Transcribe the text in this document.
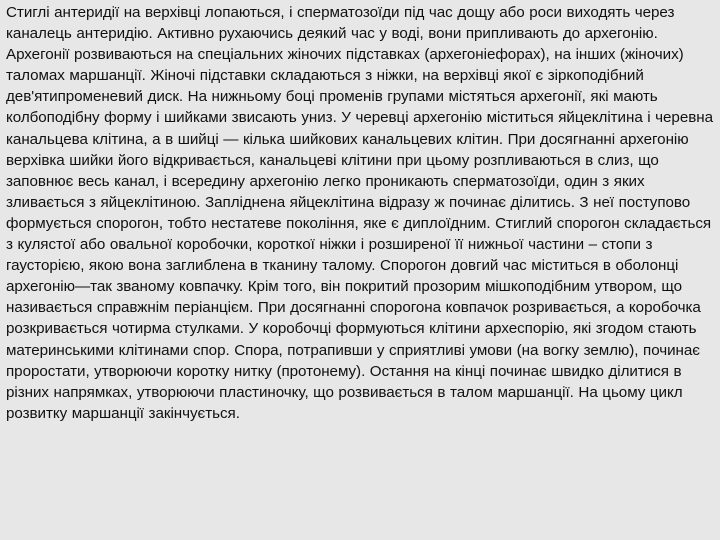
Стиглі антеридії на верхівці лопаються, і сперматозоїди під час дощу або роси виходять через каналець антеридію. Активно рухаючись деякий час у воді, вони припливають до архегонію.

Архегонії розвиваються на спеціальних жіночих підставках (архегоніефорах), на інших (жіночих) таломах маршанції. Жіночі підставки складаються з ніжки, на верхівці якої є зіркоподібний дев'ятипроменевий диск. На нижньому боці променів групами містяться архегонії, які мають колбоподібну форму і шийками звисають униз. У черевці архегонію міститься яйцеклітина і черевна канальцева клітина, а в шийці — кілька шийкових канальцевих клітин. При досягнанні архегонію верхівка шийки його відкривається, канальцеві клітини при цьому розпливаються в слиз, що заповнює весь канал, і всередину архегонію легко проникають сперматозоїди, один з яких зливається з яйцеклітиною. Запліднена яйцеклітина відразу ж починає ділитись. З неї поступово формується спорогон, тобто нестатеве покоління, яке є диплоїдним. Стиглий спорогон складається з кулястої або овальної коробочки, короткої ніжки і розширеної її нижньої частини – стопи з гаусторією, якою вона заглиблена в тканину таломy. Спорогон довгий час міститься в оболонці архегонію—так званому ковпачку. Крім того, він покритий прозорим мішкоподібним утвором, що називається справжнім періанцієм. При досягнанні спорогона ковпачок розривається, а коробочка розкривається чотирма стулками. У коробочці формуються клітини археспорію, які згодом стають материнськими клітинами спор. Спора, потрапивши у сприятливі умови (на вогку землю), починає проростати, утворюючи коротку нитку (протонему). Остання на кінці починає швидко ділитися в різних напрямках, утворюючи пластиночку, що розвивається в талом маршанції. На цьому цикл розвитку маршанції закінчується.
